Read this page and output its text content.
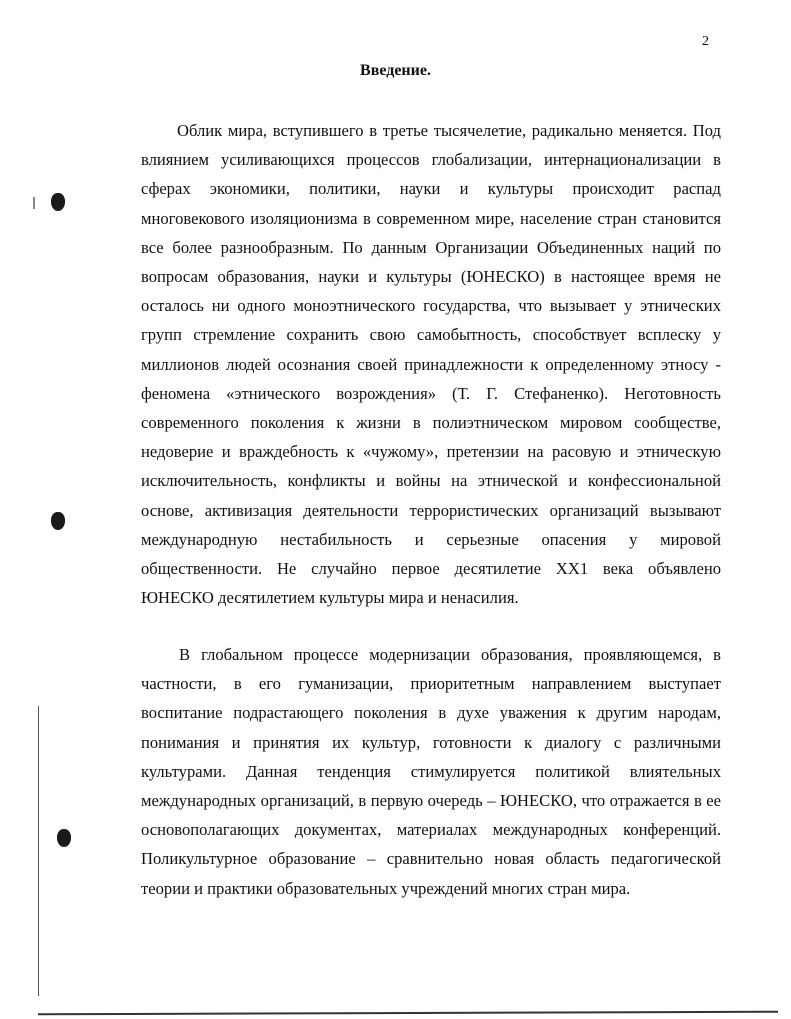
2
Введение.

Облик мира, вступившего в третье тысячелетие, радикально меняется. Под влиянием усиливающихся процессов глобализации, интернационализации в сферах экономики, политики, науки и культуры происходит распад многовекового изоляционизма в современном мире, население стран становится все более разнообразным. По данным Организации Объединенных наций по вопросам образования, науки и культуры (ЮНЕСКО) в настоящее время не осталось ни одного моноэтнического государства, что вызывает у этнических групп стремление сохранить свою самобытность, способствует всплеску у миллионов людей осознания своей принадлежности к определенному этносу - феномена «этнического возрождения» (Т. Г. Стефаненко). Неготовность современного поколения к жизни в полиэтническом мировом сообществе, недоверие и враждебность к «чужому», претензии на расовую и этническую исключительность, конфликты и войны на этнической и конфессиональной основе, активизация деятельности террористических организаций вызывают международную нестабильность и серьезные опасения у мировой общественности. Не случайно первое десятилетие XX1 века объявлено ЮНЕСКО десятилетием культуры мира и ненасилия.

В глобальном процессе модернизации образования, проявляющемся, в частности, в его гуманизации, приоритетным направлением выступает воспитание подрастающего поколения в духе уважения к другим народам, понимания и принятия их культур, готовности к диалогу с различными культурами. Данная тенденция стимулируется политикой влиятельных международных организаций, в первую очередь – ЮНЕСКО, что отражается в ее основополагающих документах, материалах международных конференций. Поликультурное образование – сравнительно новая область педагогической теории и практики образовательных учреждений многих стран мира.
